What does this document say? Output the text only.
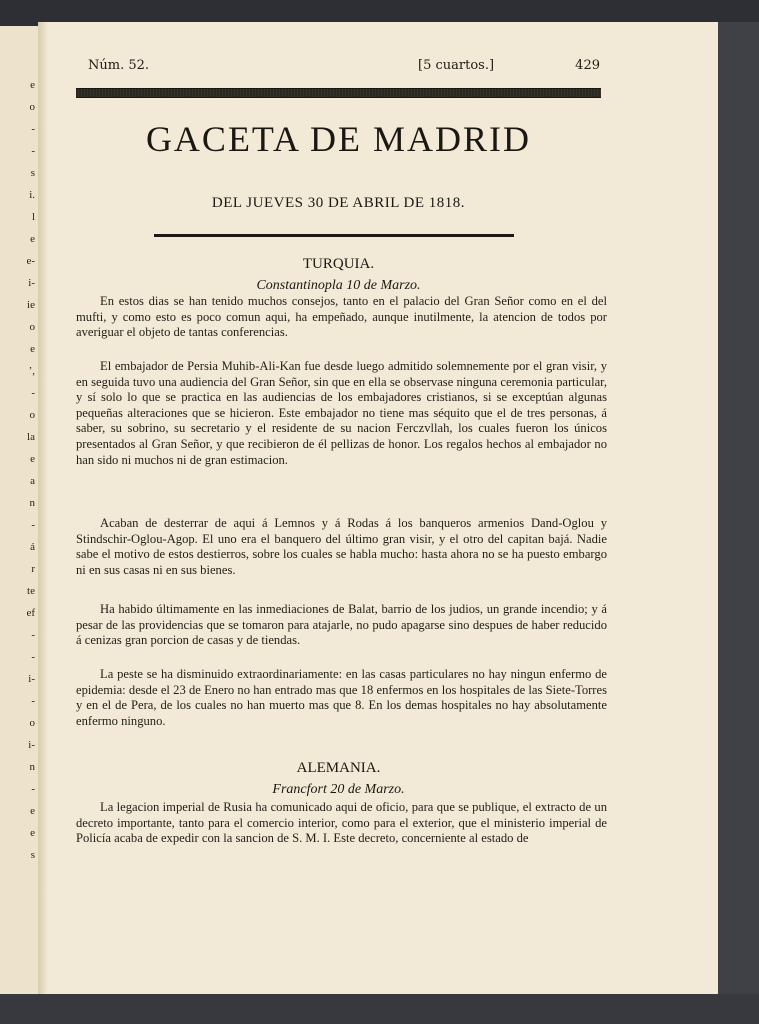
e
o
-
-
s
i.
l
e
e-
i-
ie
o
e
’,
-
o
la
e
a
n
-
á
r
te
ef
-
-
i-
-
o
i-
n
-
e
e
s
Núm. 52.	[5 cuartos.]	429
GACETA DE MADRID
DEL JUEVES 30 DE ABRIL DE 1818.
TURQUIA.
Constantinopla 10 de Marzo.

En estos dias se han tenido muchos consejos, tanto en el palacio del Gran Señor como en el del mufti, y como esto es poco comun aqui, ha empeñado, aunque inutilmente, la atencion de todos por averiguar el objeto de tantas conferencias.

El embajador de Persia Muhib-Ali-Kan fue desde luego admitido solemnemente por el gran visir, y en seguida tuvo una audiencia del Gran Señor, sin que en ella se observase ninguna ceremonia particular, y sí solo lo que se practica en las audiencias de los embajadores cristianos, si se exceptúan algunas pequeñas alteraciones que se hicieron. Este embajador no tiene mas séquito que el de tres personas, á saber, su sobrino, su secretario y el residente de su nacion Ferczvllah, los cuales fueron los únicos presentados al Gran Señor, y que recibieron de él pellizas de honor. Los regalos hechos al embajador no han sido ni muchos ni de gran estimacion.

Acaban de desterrar de aqui á Lemnos y á Rodas á los banqueros armenios Dand-Oglou y Stindschir-Oglou-Agop. El uno era el banquero del último gran visir, y el otro del capitan bajá. Nadie sabe el motivo de estos destierros, sobre los cuales se habla mucho: hasta ahora no se ha puesto embargo ni en sus casas ni en sus bienes.

Ha habido últimamente en las inmediaciones de Balat, barrio de los judios, un grande incendio; y á pesar de las providencias que se tomaron para atajarle, no pudo apagarse sino despues de haber reducido á cenizas gran porcion de casas y de tiendas.

La peste se ha disminuido extraordinariamente: en las casas particulares no hay ningun enfermo de epidemia: desde el 23 de Enero no han entrado mas que 18 enfermos en los hospitales de las Siete-Torres y en el de Pera, de los cuales no han muerto mas que 8. En los demas hospitales no hay absolutamente enfermo ninguno.

ALEMANIA.
Francfort 20 de Marzo.

La legacion imperial de Rusia ha comunicado aqui de oficio, para que se publique, el extracto de un decreto importante, tanto para el comercio interior, como para el exterior, que el ministerio imperial de Policía acaba de expedir con la sancion de S. M. I. Este decreto, concerniente al estado de
